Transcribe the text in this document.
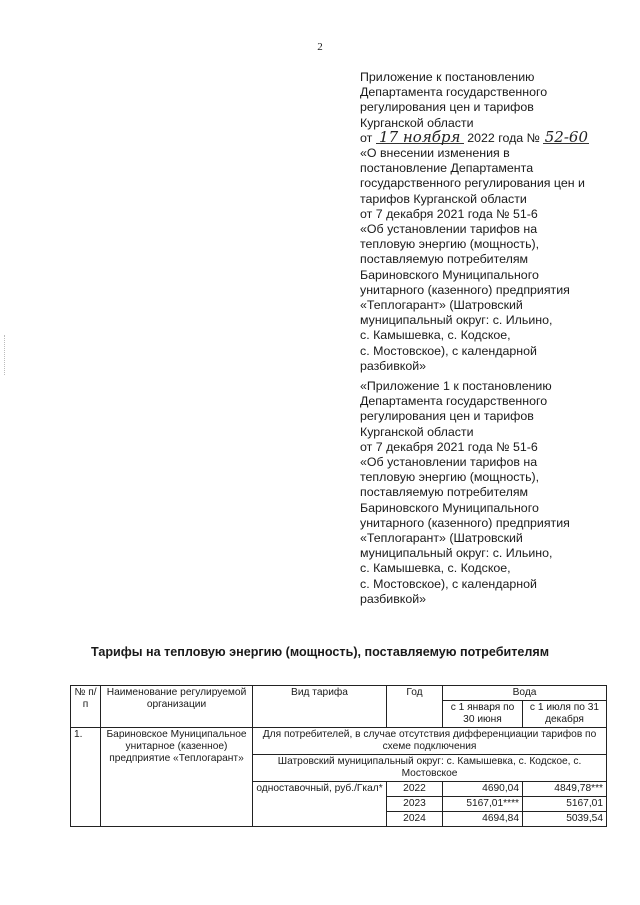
2
Приложение к постановлению
Департамента государственного
регулирования цен и тарифов
Курганской области
от 17 ноября 2022 года № 52-60
«О внесении изменения в
постановление Департамента
государственного регулирования цен и
тарифов Курганской области
от 7 декабря 2021 года № 51-6
«Об установлении тарифов на
тепловую энергию (мощность),
поставляемую потребителям
Бариновского Муниципального
унитарного (казенного) предприятия
«Теплогарант» (Шатровский
муниципальный округ: с. Ильино,
с. Камышевка, с. Кодское,
с. Мостовское), с календарной
разбивкой»
«Приложение 1 к постановлению
Департамента государственного
регулирования цен и тарифов
Курганской области
от 7 декабря 2021 года № 51-6
«Об установлении тарифов на
тепловую энергию (мощность),
поставляемую потребителям
Бариновского Муниципального
унитарного (казенного) предприятия
«Теплогарант» (Шатровский
муниципальный округ: с. Ильино,
с. Камышевка, с. Кодское,
с. Мостовское), с календарной
разбивкой»
Тарифы на тепловую энергию (мощность), поставляемую потребителям
№ п/п	Наименование регулируемой организации	Вид тарифа	Год	Вода	
				с 1 января по 30 июня	с 1 июля по 31 декабря
1.	Бариновское Муниципальное унитарное (казенное) предприятие «Теплогарант»	Для потребителей, в случае отсутствия дифференциации тарифов по схеме подключения			
		Шатровский муниципальный округ: с. Камышевка, с. Кодское, с. Мостовское			
		одноставочный, руб./Гкал*	2022	4690,04	4849,78***
			2023	5167,01****	5167,01
			2024	4694,84	5039,54
